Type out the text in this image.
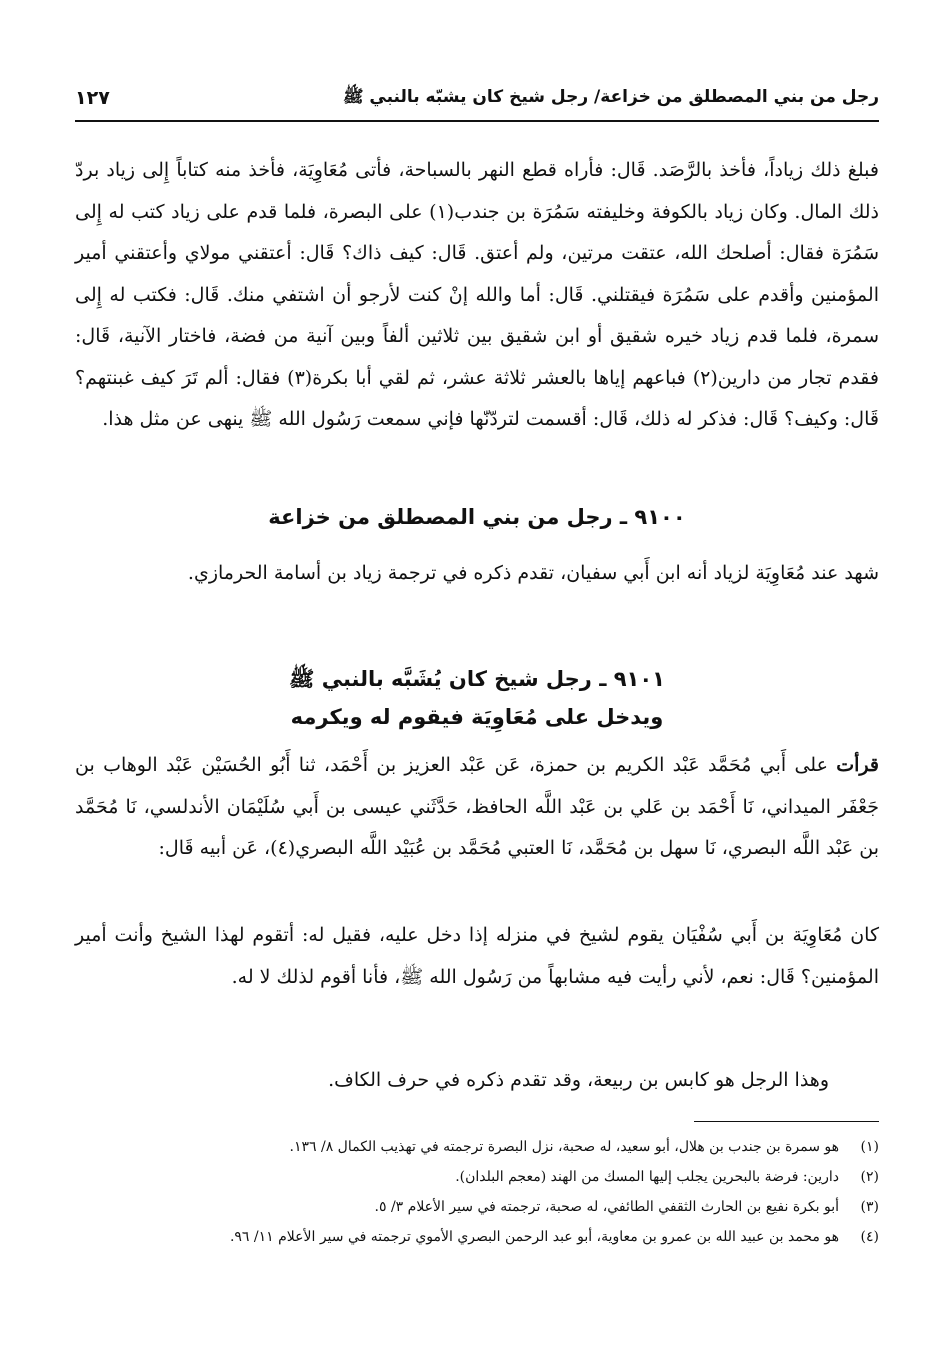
رجل من بني المصطلق من خزاعة/ رجل شيخ كان يشبّه بالنبي ﷺ
١٢٧

فبلغ ذلك زياداً، فأخذ بالرَّصَد. قَال: فأراه قطع النهر بالسباحة، فأتى مُعَاوِيَة، فأخذ منه كتاباً إِلى زياد بردّ ذلك المال. وكان زياد بالكوفة وخليفته سَمُرَة بن جندب(١) على البصرة، فلما قدم على زياد كتب له إِلى سَمُرَة فقال: أصلحك الله، عتقت مرتين، ولم أعتق. قَال: كيف ذاك؟ قَال: أعتقني مولاي وأعتقني أمير المؤمنين وأقدم على سَمُرَة فيقتلني. قَال: أما والله إنْ كنت لأرجو أن اشتفي منك. قَال: فكتب له إِلى سمرة، فلما قدم زياد خيره شقيق أو ابن شقيق بين ثلاثين ألفاً وبين آنية من فضة، فاختار الآنية، قَال: فقدم تجار من دارين(٢) فباعهم إياها بالعشر ثلاثة عشر، ثم لقي أبا بكرة(٣) فقال: ألم تَرَ كيف غبنتهم؟ قَال: وكيف؟ قَال: فذكر له ذلك، قَال: أقسمت لتردّنّها فإني سمعت رَسُول الله ﷺ ينهى عن مثل هذا.

٩١٠٠ ـ رجل من بني المصطلق من خزاعة

شهد عند مُعَاوِيَة لزياد أنه ابن أَبي سفيان، تقدم ذكره في ترجمة زياد بن أسامة الحرمازي.

٩١٠١ ـ رجل شيخ كان يُشَبَّه بالنبي ﷺ
ويدخل على مُعَاوِيَة فيقوم له ويكرمه

قرأت على أَبي مُحَمَّد عَبْد الكريم بن حمزة، عَن عَبْد العزيز بن أَحْمَد، ثنا أَبُو الحُسَيْن عَبْد الوهاب بن جَعْفَر الميداني، نَا أَحْمَد بن عَلي بن عَبْد اللَّه الحافظ، حَدَّثَني عيسى بن أَبي سُلَيْمَان الأندلسي، نَا مُحَمَّد بن عَبْد اللَّه البصري، نَا سهل بن مُحَمَّد، نَا العتبي مُحَمَّد بن عُبَيْد اللَّه البصري(٤)، عَن أبيه قَال:

كان مُعَاوِيَة بن أَبي سُفْيَان يقوم لشيخ في منزله إذا دخل عليه، فقيل له: أتقوم لهذا الشيخ وأنت أمير المؤمنين؟ قَال: نعم، لأني رأيت فيه مشابهاً من رَسُول الله ﷺ، فأنا أقوم لذلك لا له.

وهذا الرجل هو كابس بن ربيعة، وقد تقدم ذكره في حرف الكاف.

(١)
هو سمرة بن جندب بن هلال، أبو سعيد، له صحبة، نزل البصرة ترجمته في تهذيب الكمال ٨/ ١٣٦.
(٢)
دارين: فرضة بالبحرين يجلب إليها المسك من الهند (معجم البلدان).
(٣)
أبو بكرة نفيع بن الحارث الثقفي الطائفي، له صحبة، ترجمته في سير الأعلام ٣/ ٥.
(٤)
هو محمد بن عبيد الله بن عمرو بن معاوية، أبو عبد الرحمن البصري الأموي ترجمته في سير الأعلام ١١/ ٩٦.
